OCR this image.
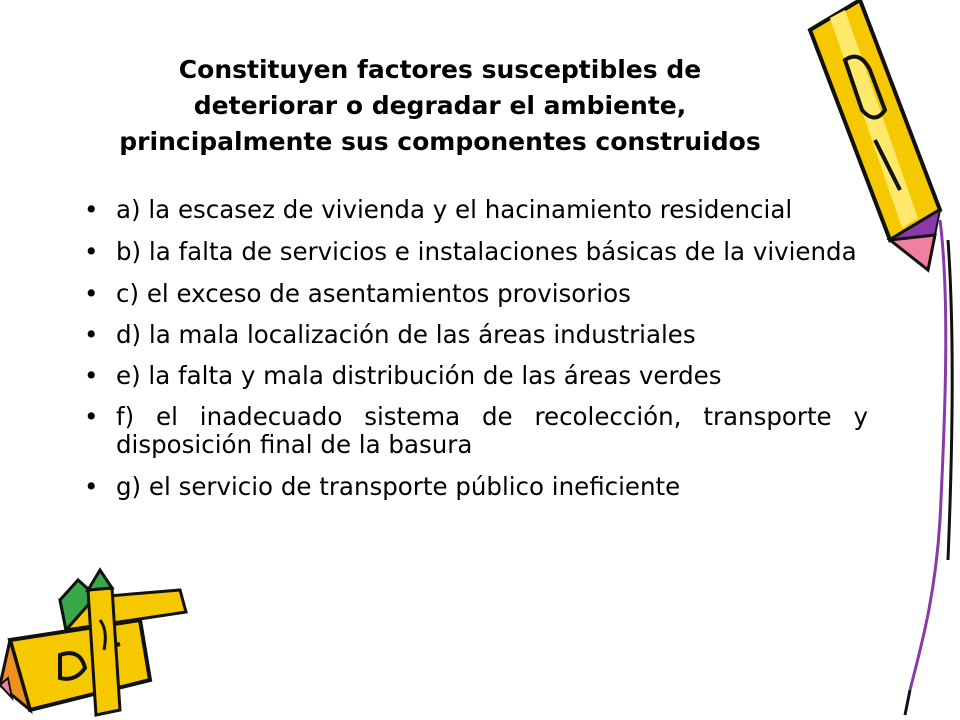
Constituyen factores susceptibles de
deteriorar o degradar el ambiente,
principalmente sus componentes construidos
• a) la escasez de vivienda y el hacinamiento residencial
• b) la falta de servicios e instalaciones básicas de la vivienda
• c) el exceso de asentamientos provisorios
• d) la mala localización de las áreas industriales
• e) la falta y mala distribución de las áreas verdes
• f) el inadecuado sistema de recolección, transporte y disposición final de la basura
• g) el servicio de transporte público ineficiente
